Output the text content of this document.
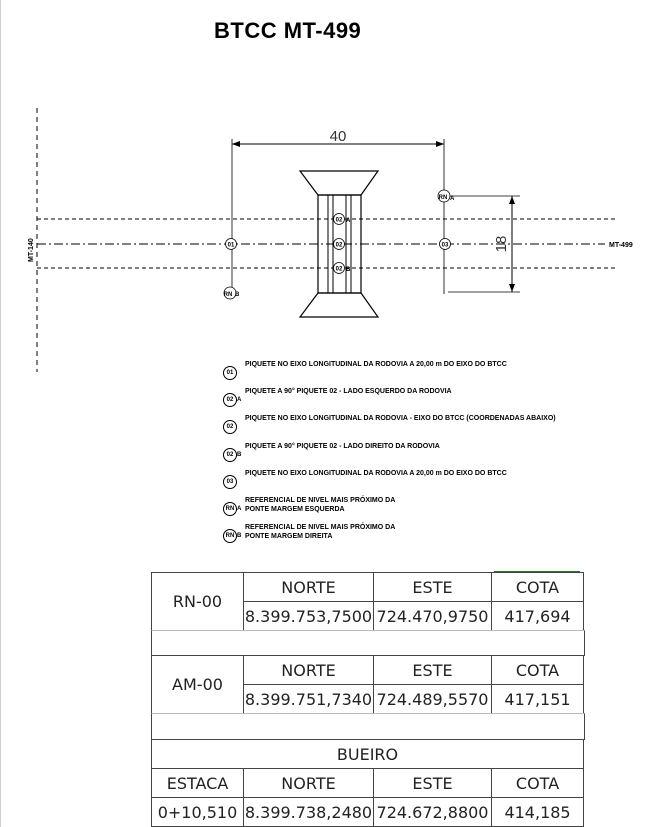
BTCC MT-499
MT-140	MT-499
40
18
01	02
02 A
02 B
03
RN A
RN B
01
PIQUETE NO EIXO LONGITUDINAL DA RODOVIA A 20,00 m DO EIXO DO BTCC
02 A
PIQUETE A 90° PIQUETE 02 - LADO ESQUERDO DA RODOVIA
02
PIQUETE NO EIXO LONGITUDINAL DA RODOVIA - EIXO DO BTCC (COORDENADAS ABAIXO)
02 B
PIQUETE A 90° PIQUETE 02 - LADO DIREITO DA RODOVIA
03
PIQUETE NO EIXO LONGITUDINAL DA RODOVIA A 20,00 m DO EIXO DO BTCC
RN A
REFERENCIAL DE NIVEL MAIS PRÓXIMO DA
PONTE MARGEM ESQUERDA
RN B
REFERENCIAL DE NIVEL MAIS PRÓXIMO DA
PONTE MARGEM DIREITA
RN-00	NORTE	ESTE	COTA
	8.399.753,7500	724.470,9750	417,694
AM-00	NORTE	ESTE	COTA
	8.399.751,7340	724.489,5570	417,151
BUEIRO			
ESTACA	NORTE	ESTE	COTA
0+10,510	8.399.738,2480	724.672,8800	414,185
